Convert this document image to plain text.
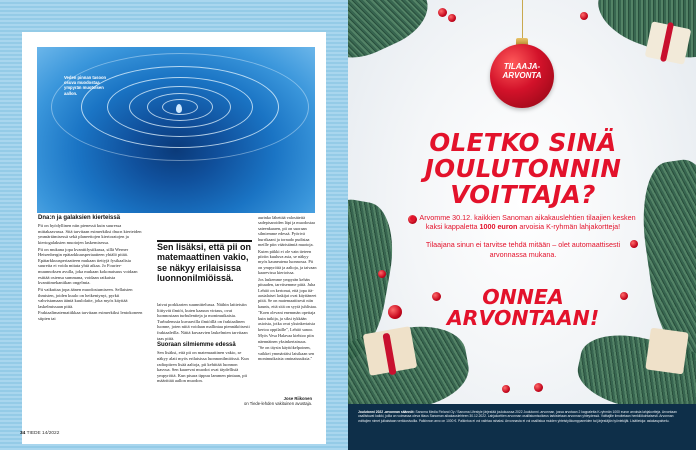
Veden pinnan tasoon osuva muodostaa ympyrän muotoisen aallon.
Dna:n ja galaksien kierteissä

Pii on hyödyllinen niin pienessä kuin suuressa mittakaavassa. Sitä tarvitaan esimerkiksi dna:n kierteiden ymmärtämisessä sekä planeettojen kiertoratojen ja kiertogalaksien muotojen laskemisessa.

Pii on mukana jopa kvanttifysiikassa, sillä Werner Heisenbergin epätarkkuusperiaatteen yhtälö pitää. Epätarkkuusperiaatteen mukaan tiettyjä fysikaalisia suureita ei voida mitata yhtä aikaa. Jo Fourier-muunnoksen avulla, joka mukaan kokonaisuus voidaan esittää osiensa summana, voidaan ratkaista kvanttimekaniikan ongelmia.

Pii vaikuttaa jopa äänen muodostumiseen. Sellaisten ihmisten, joiden kuulo on heikentynyt, pyrkii vahvistamaan ääntä kuulolaite, joka myös käyttää laskelmissaan piitä.

Fraktaalimatematiikkaa tarvitaan esimerkiksi lentokoneen siipien tai

Sen lisäksi, että pii on matemaattinen vakio, se näkyy erilaisissa luonnonilmiöissä.

laivat porkkarien suunnittelussa. Näihin laitteisiin liittyvät ilmiöt, kuten kaasun virtaus, ovat luonnostaan turbulentteja ja monimutkaisia. Turbulenssia kuvaavilla ilmiöillä on fraktaalinen luonne, joten niitä voidaan mallintaa piennäköisesti fraktaaleilla. Näitä kuvaavien laskelmien tarvitaan taas piitä.

Suoraan silmiemme edessä

Sen lisäksi, että pii on matemaattinen vakio, se näkyy alati myös erilaisissa luonnonilmiöissä. Kun radiopiiren lisää aaltoja, pii kehittää luonnon kasvua. Sen kaarevat muodot ovat täydellisiä ympyröitä. Kun pisara tippuu lammen pintaan, pii määrittää aallon muodon.

aurinko lähettää valosäteitä sadepisaroiden läpi ja muodostaa sateenkaaren, pii on suoraan silmiemme edessä. Pyörivä hurrikaani ja tornado pudistaa meille piin vääristämiä muotoja.

Kuten piikki ei ole vain tieteen piiriin kuuluva asia, se näkyy myös kauneutena luonnossa. Pii on ympyröitä ja aaltoja, ja taivaan kaarevissa kiertoissa.

Jos laskemme ympyrän kehän pituuden, tarvitsemme piitä. Juha Lehtiö on kertonut, että jopa itä-aasialaiset laskijat ovat käyttäneet piitä. Se on matemaattisesti niin kaunis, että sitä on syytä juhlistaa.

"Koen olevani enemmän opettaja kuin tutkija, ja siksi tykkään asioista, jotka ovat yksinkertaisia kertoa oppilaille", Lehtiö sanoo.

Myös Vesa Halavaa kiehtoo piin näennäinen yksinkertaisuus.

"Se on täysin käyttökelpoinen, vaikkei ymmärtäisi laisikaan sen monimutkaisia ominaisuuksia."

Jose Riikonen
on Tiede-lehden vakituinen avustaja.
34 TIEDE 14/2022
TILAAJA-
ARVONTA
OLETKO SINÄ JOULUTONNIN VOITTAJA?

Arvomme 30.12. kaikkien Sanoman aikakauslehtien tilaajien kesken kaksi kappaletta 1000 euron arvoisia K-ryhmän lahjakortteja!

Tilaajana sinun ei tarvitse tehdä mitään – olet automaattisesti arvonnassa mukana.

ONNEA ARVONTAAN!
Joulutonni 2022 -arvonnan säännöt: Sanoma Media Finland Oy / Sanoma Lifestyle järjestää joulukuussa 2022 Joulutonni -arvonnan, jossa arvotaan 2 kappaletta K-ryhmän 1000 euron arvoisia lahjakortteja. Arvontaan osallistuvat kaikki, joilla on voimassa oleva tilaus Sanoman aikakauslehteen 30.12.2022. Lahjakorttien arvonnan osallistumisoikeus tarkistetaan arvonnan yhteydessä. Voittajille ilmoitetaan henkilökohtaisesti. Arvonnan voittajien nimet julkaistaan verkkosivuilla. Palkinnon arvo on 1000 €. Palkintoa ei voi vaihtaa rahaksi. Arvonnasta ei voi osallistua muiden yhteistyökumppaneiden tai järjestäjän työntekijät. Lisätietoja: asiakaspalvelu.
